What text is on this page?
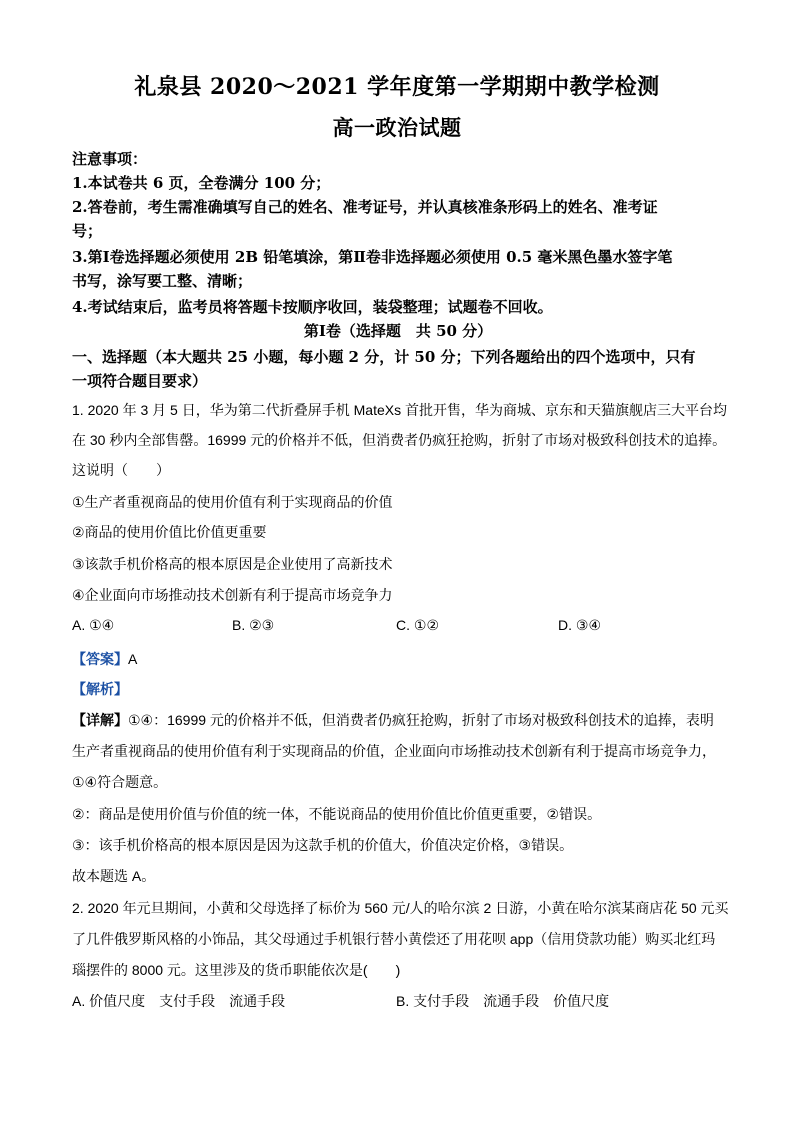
礼泉县 2020～2021 学年度第一学期期中教学检测
高一政治试题
注意事项：
1.本试卷共 6 页，全卷满分 100 分；
2.答卷前，考生需准确填写自己的姓名、准考证号，并认真核准条形码上的姓名、准考证
号；
3.第Ⅰ卷选择题必须使用 2B 铅笔填涂，第Ⅱ卷非选择题必须使用 0.5 毫米黑色墨水签字笔
书写，涂写要工整、清晰；
4.考试结束后，监考员将答题卡按顺序收回，装袋整理；试题卷不回收。
第Ⅰ卷（选择题　共 50 分）
一、选择题（本大题共 25 小题，每小题 2 分，计 50 分；下列各题给出的四个选项中，只有
一项符合题目要求）
1. 2020 年 3 月 5 日，华为第二代折叠屏手机 MateXs 首批开售，华为商城、京东和天猫旗舰店三大平台均
在 30 秒内全部售罄。16999 元的价格并不低，但消费者仍疯狂抢购，折射了市场对极致科创技术的追捧。
这说明（　　）
①生产者重视商品的使用价值有利于实现商品的价值
②商品的使用价值比价值更重要
③该款手机价格高的根本原因是企业使用了高新技术
④企业面向市场推动技术创新有利于提高市场竞争力
A. ①④	B. ②③	C. ①②	D. ③④
【答案】A
【解析】
【详解】①④：16999 元的价格并不低，但消费者仍疯狂抢购，折射了市场对极致科创技术的追捧，表明
生产者重视商品的使用价值有利于实现商品的价值，企业面向市场推动技术创新有利于提高市场竞争力，
①④符合题意。
②：商品是使用价值与价值的统一体，不能说商品的使用价值比价值更重要，②错误。
③：该手机价格高的根本原因是因为这款手机的价值大，价值决定价格，③错误。
故本题选 A。
2. 2020 年元旦期间，小黄和父母选择了标价为 560 元/人的哈尔滨 2 日游，小黄在哈尔滨某商店花 50 元买
了几件俄罗斯风格的小饰品，其父母通过手机银行替小黄偿还了用花呗 app（信用贷款功能）购买北红玛
瑙摆件的 8000 元。这里涉及的货币职能依次是(　　)
A. 价值尺度　支付手段　流通手段	B. 支付手段　流通手段　价值尺度
